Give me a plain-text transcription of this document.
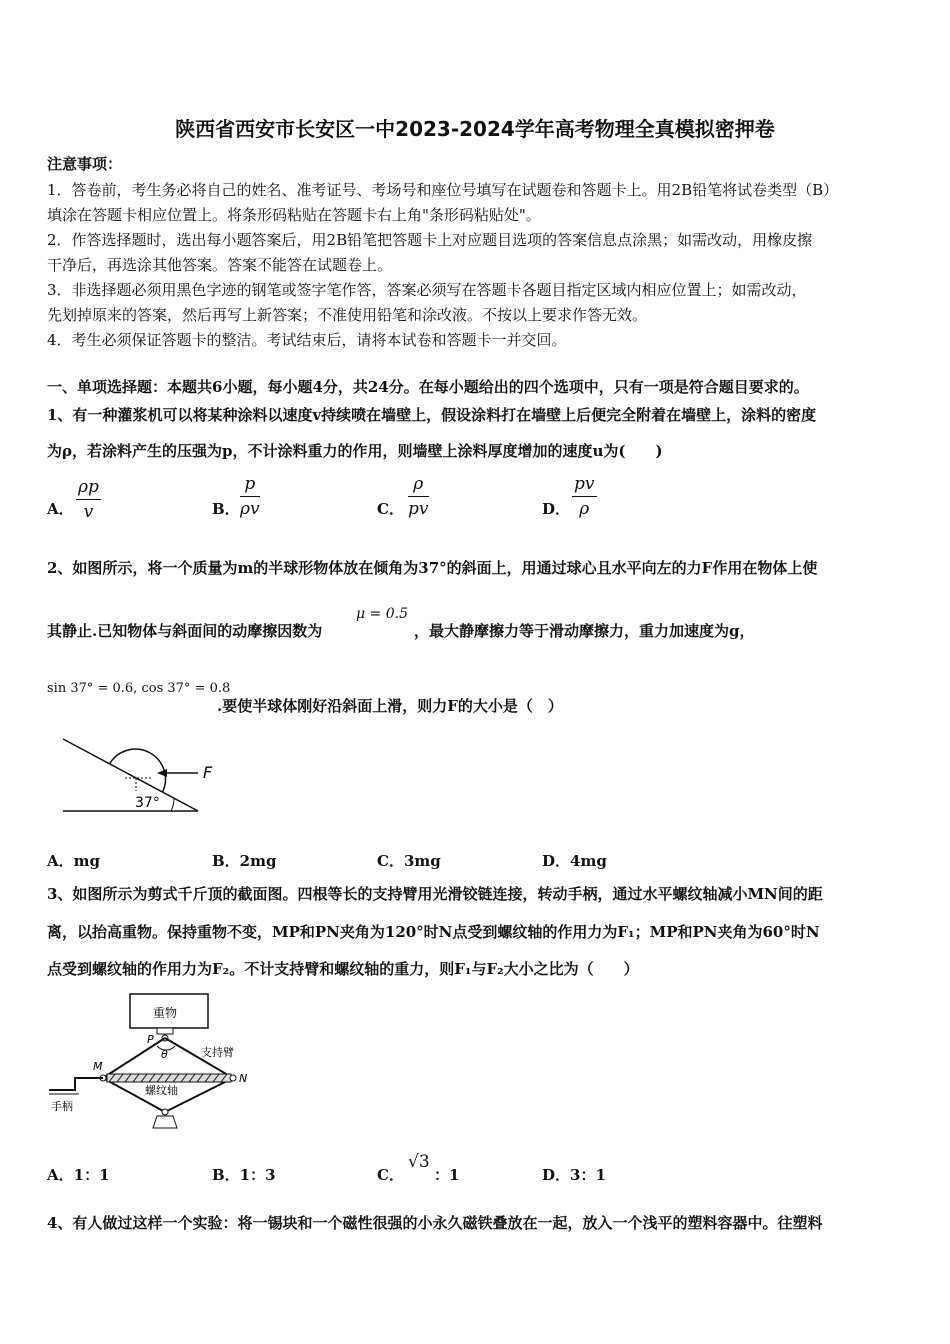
陕西省西安市长安区一中2023-2024学年高考物理全真模拟密押卷
注意事项：
1．答卷前，考生务必将自己的姓名、准考证号、考场号和座位号填写在试题卷和答题卡上。用2B铅笔将试卷类型（B）
填涂在答题卡相应位置上。将条形码粘贴在答题卡右上角"条形码粘贴处"。
2．作答选择题时，选出每小题答案后，用2B铅笔把答题卡上对应题目选项的答案信息点涂黑；如需改动，用橡皮擦
干净后，再选涂其他答案。答案不能答在试题卷上。
3．非选择题必须用黑色字迹的钢笔或签字笔作答，答案必须写在答题卡各题目指定区域内相应位置上；如需改动，
先划掉原来的答案，然后再写上新答案；不准使用铅笔和涂改液。不按以上要求作答无效。
4．考生必须保证答题卡的整洁。考试结束后，请将本试卷和答题卡一并交回。
一、单项选择题：本题共6小题，每小题4分，共24分。在每小题给出的四个选项中，只有一项是符合题目要求的。
1、有一种灌浆机可以将某种涂料以速度v持续喷在墙壁上，假设涂料打在墙壁上后便完全附着在墙壁上，涂料的密度
为ρ，若涂料产生的压强为p，不计涂料重力的作用，则墙壁上涂料厚度增加的速度u为(　　)
A． $\frac{\rho p}{v}$	B． $\frac{p}{\rho v}$	C． $\frac{\rho}{pv}$	D． $\frac{pv}{\rho}$
2、如图所示，将一个质量为m的半球形物体放在倾角为37°的斜面上，用通过球心且水平向左的力F作用在物体上使
其静止.已知物体与斜面间的动摩擦因数为
μ = 0.5
，最大静摩擦力等于滑动摩擦力，重力加速度为g，
sin 37° = 0.6, cos 37° = 0.8
.要使半球体刚好沿斜面上滑，则力F的大小是（　）
F
37°
A．mg	B．2mg	C．3mg	D．4mg
3、如图所示为剪式千斤顶的截面图。四根等长的支持臂用光滑铰链连接，转动手柄，通过水平螺纹轴减小MN间的距
离，以抬高重物。保持重物不变，MP和PN夹角为120°时N点受到螺纹轴的作用力为F₁；MP和PN夹角为60°时N
点受到螺纹轴的作用力为F₂。不计支持臂和螺纹轴的重力，则F₁与F₂大小之比为（　　）
重物
螺纹轴
手柄
M
N
P
θ	支持臂
A．1：1	B．1：3	C．
√3
：1	D．3：1
4、有人做过这样一个实验：将一锡块和一个磁性很强的小永久磁铁叠放在一起，放入一个浅平的塑料容器中。往塑料
